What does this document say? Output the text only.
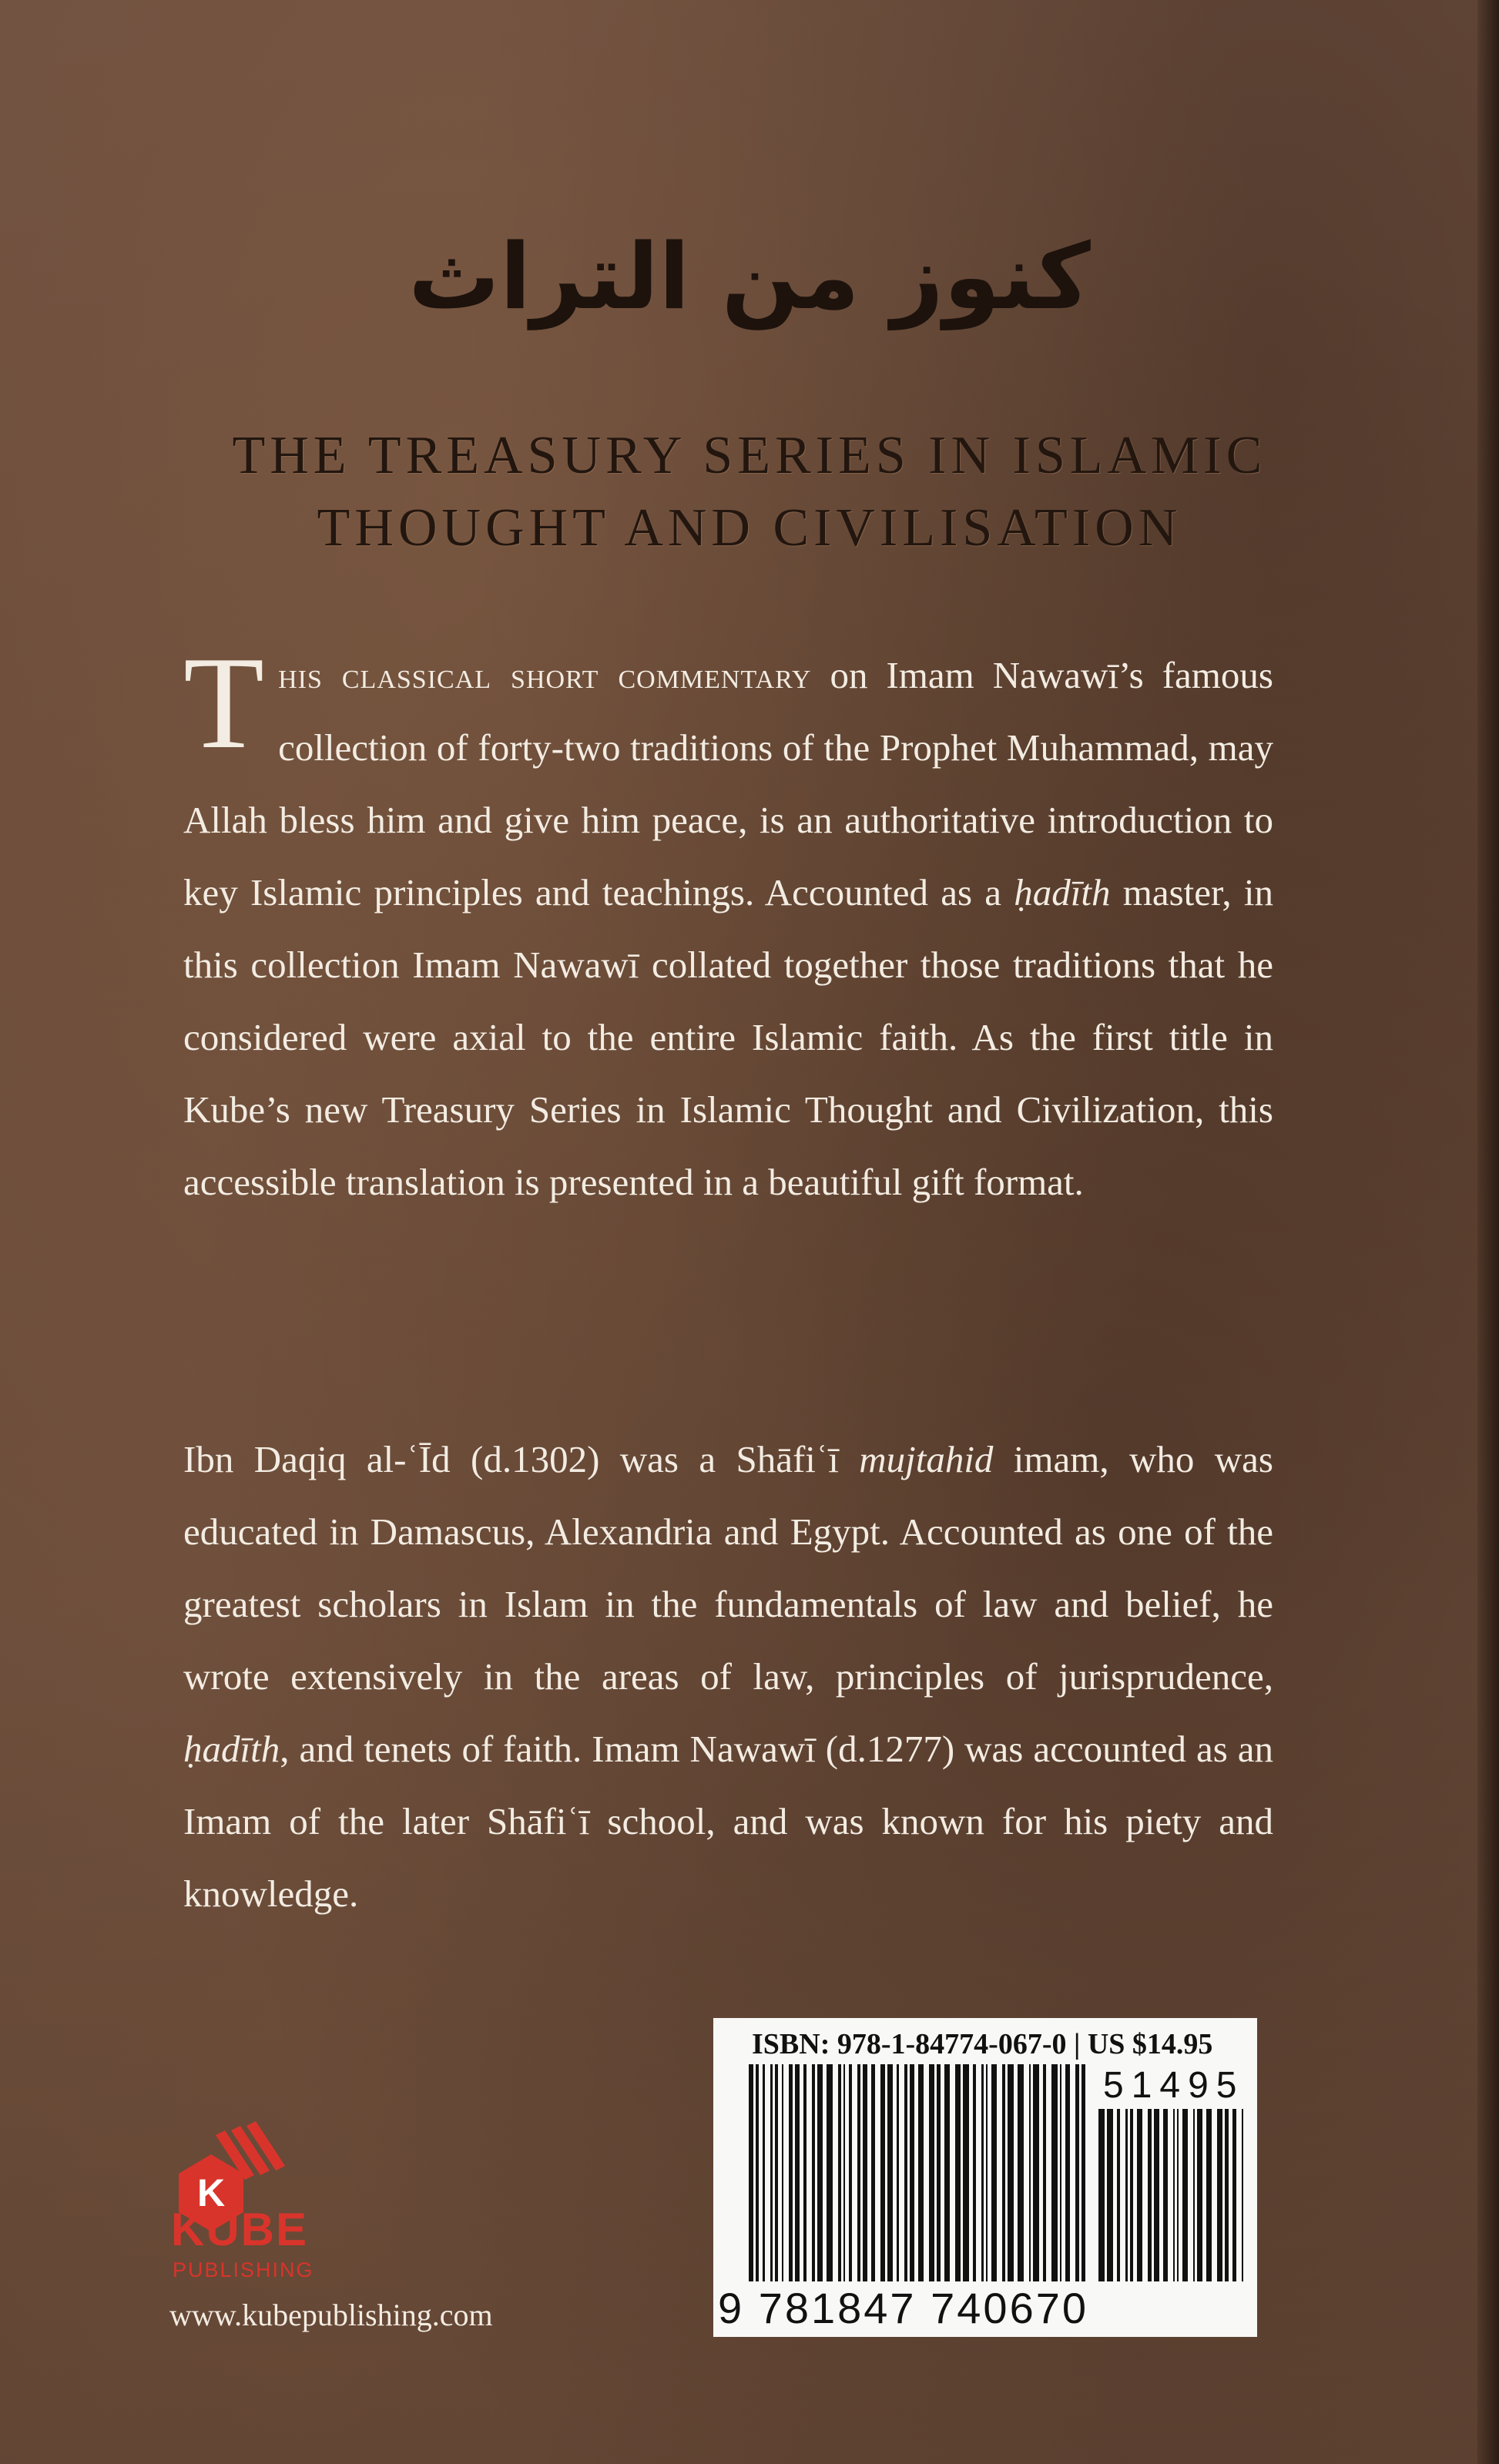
كنوز من التراث
THE TREASURY SERIES IN ISLAMIC
THOUGHT AND CIVILISATION

This classical short commentary on Imam Nawawī’s famous collection of forty-two traditions of the Prophet Muhammad, may Allah bless him and give him peace, is an authoritative introduction to key Islamic principles and teachings. Accounted as a ḥadīth master, in this collection Imam Nawawī collated together those traditions that he considered were axial to the entire Islamic faith. As the first title in Kube’s new Treasury Series in Islamic Thought and Civilization, this accessible translation is presented in a beautiful gift format.

Ibn Daqiq al-ʿĪd (d.1302) was a Shāfiʿī mujtahid imam, who was educated in Damascus, Alexandria and Egypt. Accounted as one of the greatest scholars in Islam in the fundamentals of law and belief, he wrote extensively in the areas of law, principles of jurisprudence, ḥadīth, and tenets of faith. Imam Nawawī (d.1277) was accounted as an Imam of the later Shāfiʿī school, and was known for his piety and knowledge.

K
KUBE
PUBLISHING
www.kubepublishing.com
ISBN: 978-1-84774-067-0 | US $14.95
51495
9 781847 740670
